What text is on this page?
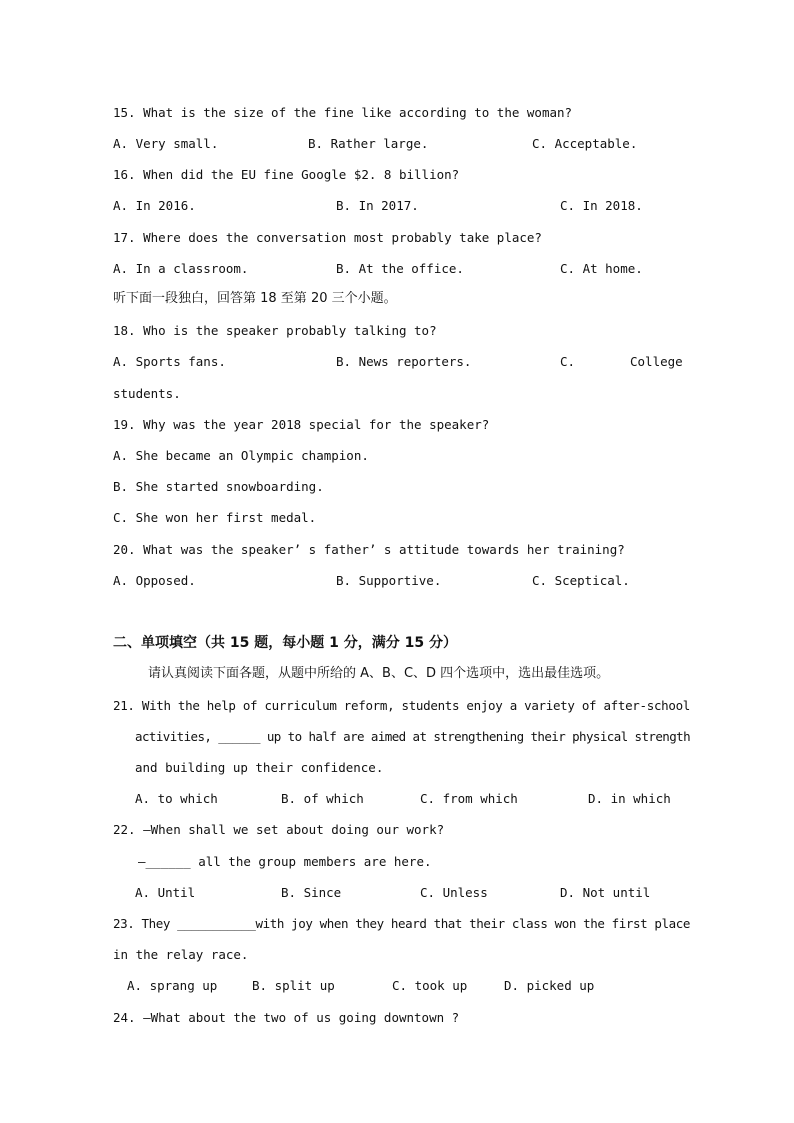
15. What is the size of the fine like according to the woman?
A. Very small.	B. Rather large.	C. Acceptable.
16. When did the EU fine Google $2. 8 billion?
A. In 2016.	B. In 2017.	C. In 2018.
17. Where does the conversation most probably take place?
A. In a classroom.	B. At the office.	C. At home.
听下面一段独白，回答第 18 至第 20 三个小题。
18. Who is the speaker probably talking to?
A. Sports fans.	B. News reporters.	C.	College
students.
19. Why was the year 2018 special for the speaker?
A. She became an Olympic champion.
B. She started snowboarding.
C. She won her first medal.
20. What was the speaker’ s father’ s attitude towards her training?
A. Opposed.	B. Supportive.	C. Sceptical.
二、单项填空（共 15 题，每小题 1 分，满分 15 分）
请认真阅读下面各题，从题中所给的 A、B、C、D 四个选项中，选出最佳选项。
21. With the help of curriculum reform, students enjoy a variety of after-school
activities, ______ up to half are aimed at strengthening their physical strength
and building up their confidence.
A. to which	B. of which	C. from which	D. in which
22. —When shall we set about doing our work?
—______ all the group members are here.
A. Until	B. Since	C. Unless	D. Not until
23. They ___________with joy when they heard that their class won the first place
in the relay race.
A. sprang up	B. split up	C. took up	D. picked up
24. —What about the two of us going downtown ?
